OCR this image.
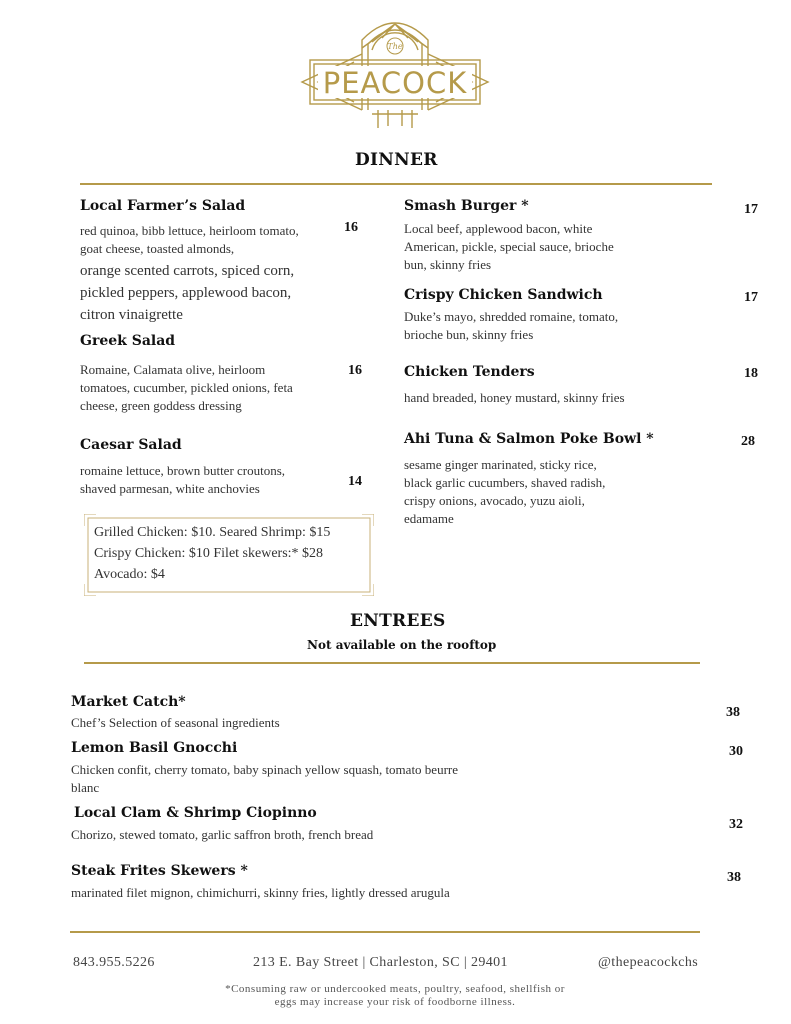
The
PEACOCK
DINNER
Local Farmer’s Salad
16
red quinoa, bibb lettuce, heirloom tomato,
goat cheese, toasted almonds,
orange scented carrots, spiced corn,
pickled peppers, applewood bacon,
citron vinaigrette
Greek Salad
16
Romaine, Calamata olive, heirloom
tomatoes, cucumber, pickled onions, feta
cheese, green goddess dressing
Caesar Salad
14
romaine lettuce, brown butter croutons,
shaved parmesan, white anchovies
Grilled Chicken: $10. Seared Shrimp: $15
Crispy Chicken: $10 Filet skewers:* $28
Avocado: $4
Smash Burger *	17
Local beef, applewood bacon, white
American, pickle, special sauce, brioche
bun, skinny fries
Crispy Chicken Sandwich	17
Duke’s mayo, shredded romaine, tomato,
brioche bun, skinny fries
Chicken Tenders	18
hand breaded, honey mustard, skinny fries
Ahi Tuna & Salmon Poke Bowl *	28
sesame ginger marinated, sticky rice,
black garlic cucumbers, shaved radish,
crispy onions, avocado, yuzu aioli,
edamame
ENTREES
Not available on the rooftop
Market Catch*
38
Chef’s Selection of seasonal ingredients
Lemon Basil Gnocchi	30
Chicken confit, cherry tomato, baby spinach yellow squash, tomato beurre
blanc
Local Clam & Shrimp Ciopinno
32
Chorizo, stewed tomato, garlic saffron broth, french bread
Steak Frites Skewers *	38
marinated filet mignon, chimichurri, skinny fries, lightly dressed arugula
843.955.5226	213 E. Bay Street | Charleston, SC | 29401	@thepeacockchs
*Consuming raw or undercooked meats, poultry, seafood, shellfish or
eggs may increase your risk of foodborne illness.
